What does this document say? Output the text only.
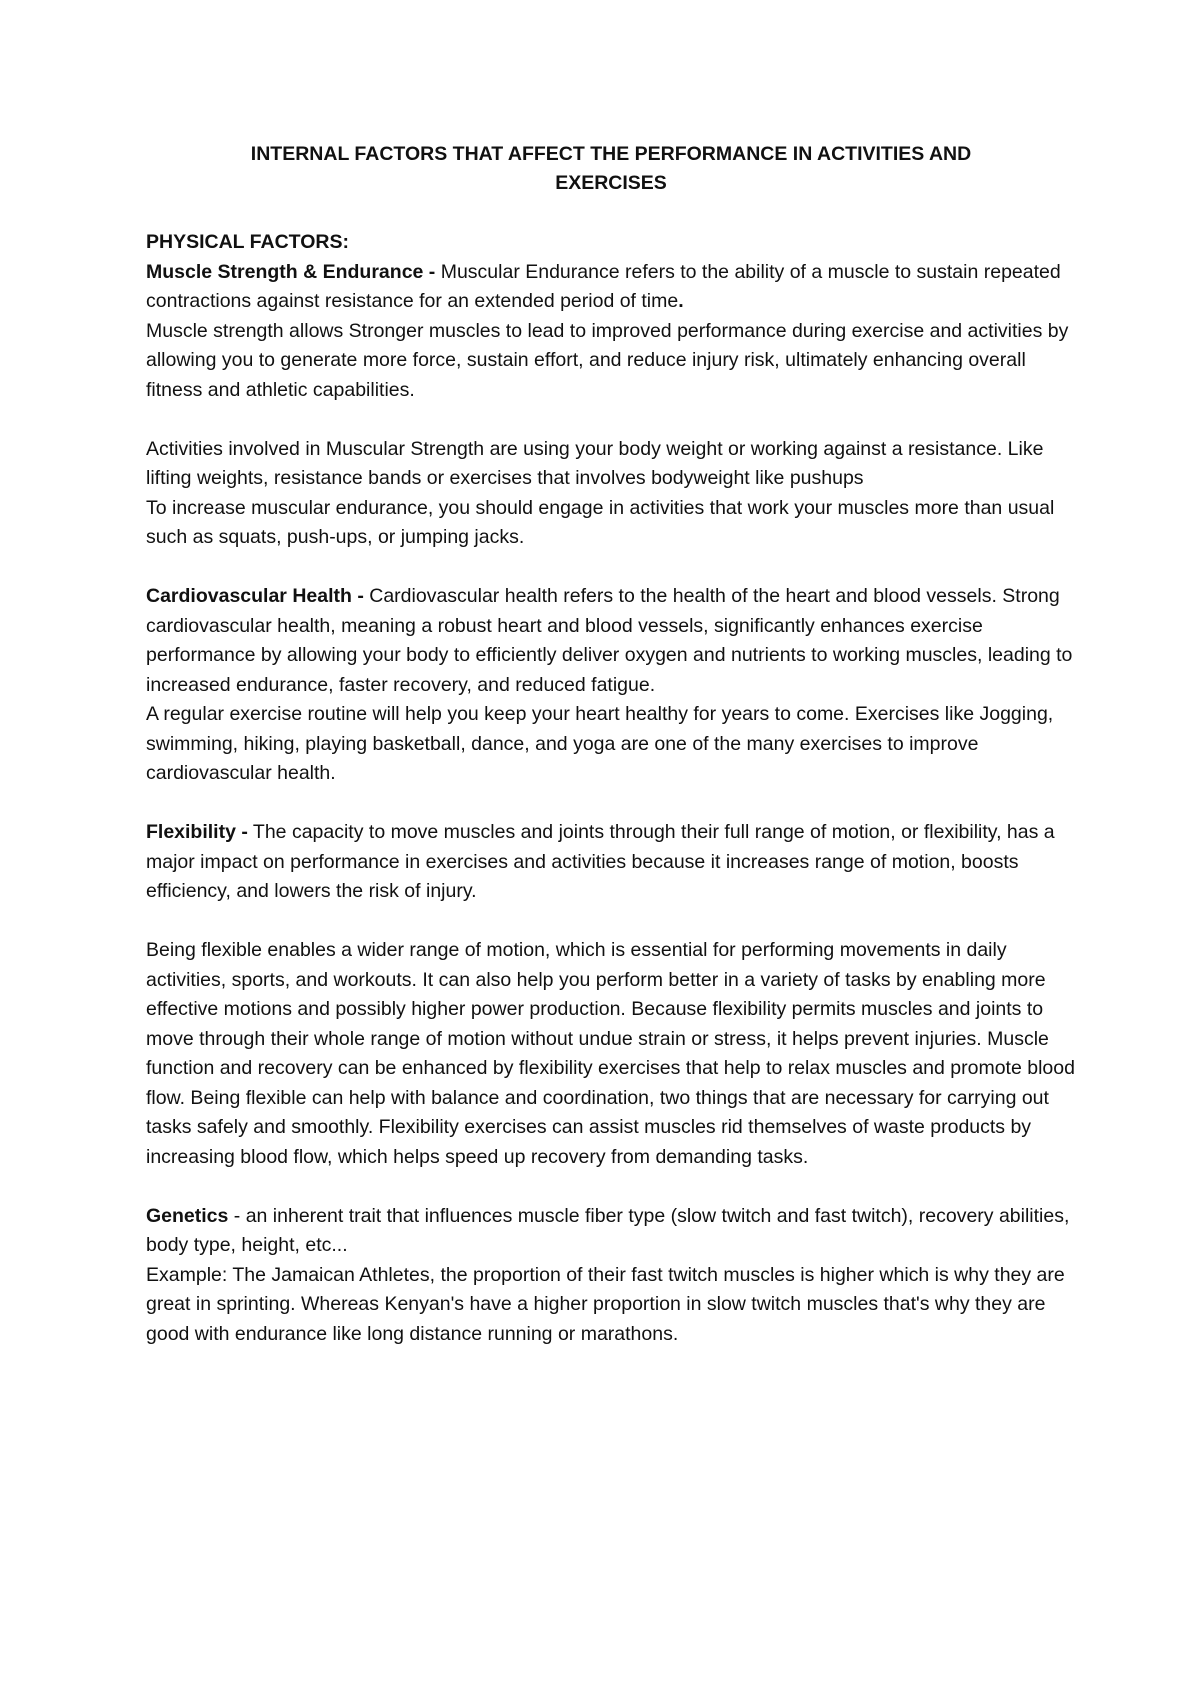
INTERNAL FACTORS THAT AFFECT THE PERFORMANCE IN ACTIVITIES AND
EXERCISES

PHYSICAL FACTORS:

Muscle Strength & Endurance - Muscular Endurance refers to the ability of a muscle to sustain repeated contractions against resistance for an extended period of time.

Muscle strength allows Stronger muscles to lead to improved performance during exercise and activities by allowing you to generate more force, sustain effort, and reduce injury risk, ultimately enhancing overall fitness and athletic capabilities.

Activities involved in Muscular Strength are using your body weight or working against a resistance. Like lifting weights, resistance bands or exercises that involves bodyweight like pushups

To increase muscular endurance, you should engage in activities that work your muscles more than usual such as squats, push-ups, or jumping jacks.

Cardiovascular Health - Cardiovascular health refers to the health of the heart and blood vessels. Strong cardiovascular health, meaning a robust heart and blood vessels, significantly enhances exercise performance by allowing your body to efficiently deliver oxygen and nutrients to working muscles, leading to increased endurance, faster recovery, and reduced fatigue.

A regular exercise routine will help you keep your heart healthy for years to come. Exercises like Jogging, swimming, hiking, playing basketball, dance, and yoga are one of the many exercises to improve cardiovascular health.

Flexibility - The capacity to move muscles and joints through their full range of motion, or flexibility, has a major impact on performance in exercises and activities because it increases range of motion, boosts efficiency, and lowers the risk of injury.

Being flexible enables a wider range of motion, which is essential for performing movements in daily activities, sports, and workouts. It can also help you perform better in a variety of tasks by enabling more effective motions and possibly higher power production. Because flexibility permits muscles and joints to move through their whole range of motion without undue strain or stress, it helps prevent injuries. Muscle function and recovery can be enhanced by flexibility exercises that help to relax muscles and promote blood flow. Being flexible can help with balance and coordination, two things that are necessary for carrying out tasks safely and smoothly. Flexibility exercises can assist muscles rid themselves of waste products by increasing blood flow, which helps speed up recovery from demanding tasks.

Genetics - an inherent trait that influences muscle fiber type (slow twitch and fast twitch), recovery abilities, body type, height, etc...

Example: The Jamaican Athletes, the proportion of their fast twitch muscles is higher which is why they are great in sprinting. Whereas Kenyan's have a higher proportion in slow twitch muscles that's why they are good with endurance like long distance running or marathons.
